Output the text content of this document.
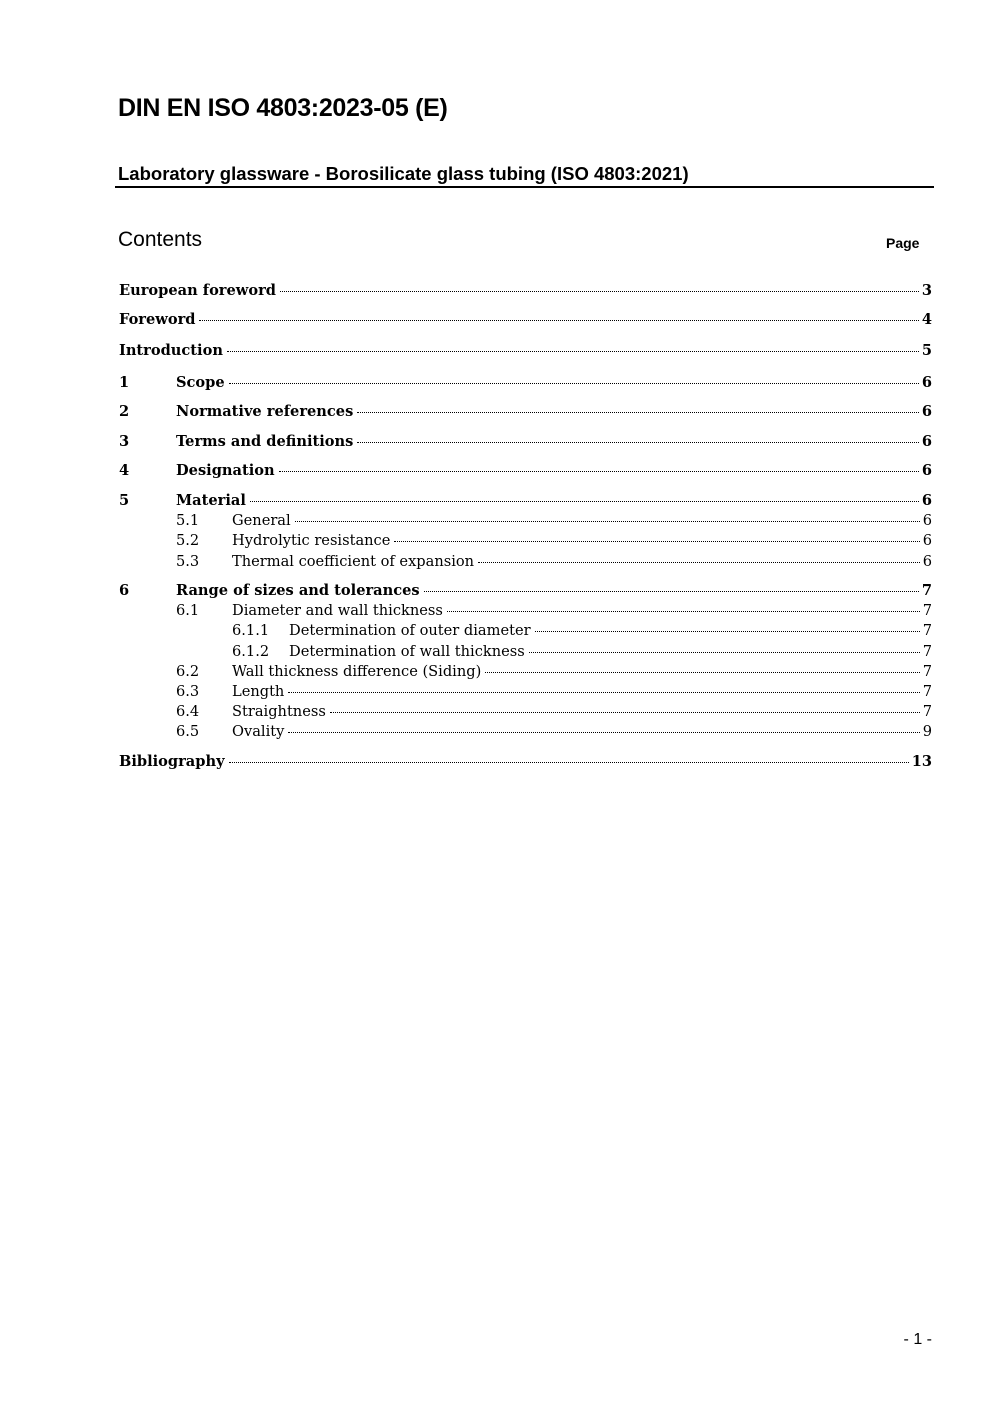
DIN EN ISO 4803:2023-05 (E)
Laboratory glassware - Borosilicate glass tubing (ISO 4803:2021)
Contents	Page
European foreword	3
Foreword	4
Introduction	5
1	Scope	6
2	Normative references	6
3	Terms and definitions	6
4	Designation	6
5	Material	6
5.1 General	6
5.2 Hydrolytic resistance	6
5.3 Thermal coefficient of expansion	6
6	Range of sizes and tolerances	7
6.1 Diameter and wall thickness	7
6.1.1 Determination of outer diameter	7
6.1.2 Determination of wall thickness	7
6.2 Wall thickness difference (Siding)	7
6.3 Length	7
6.4 Straightness	7
6.5 Ovality	9
Bibliography	13
- 1 -
